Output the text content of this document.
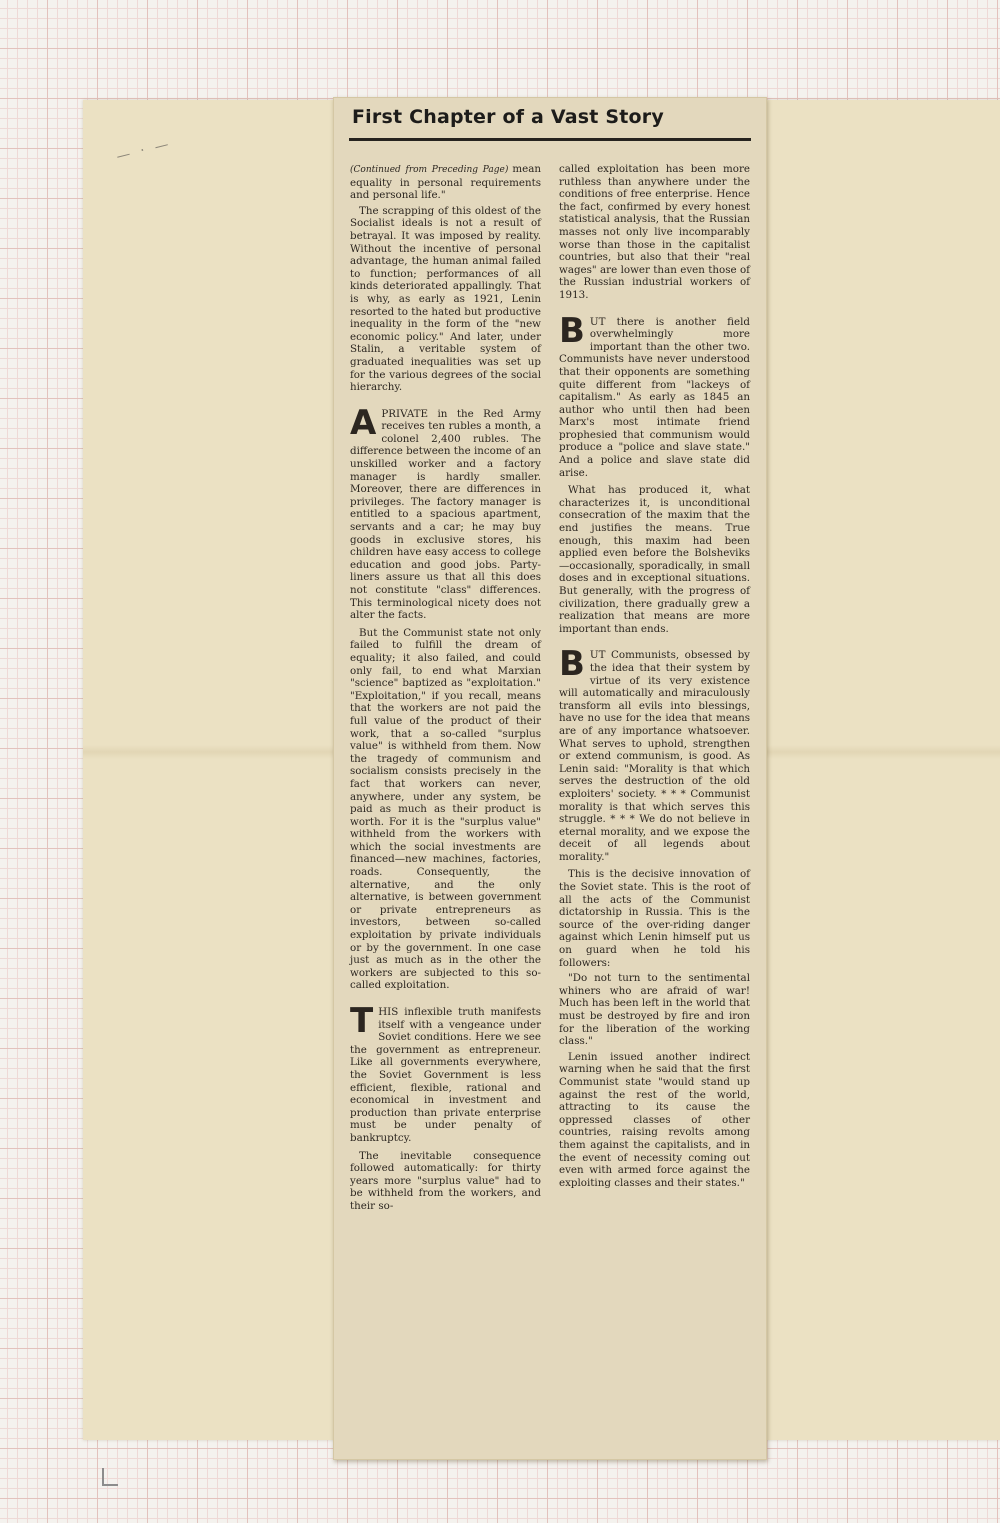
— · —
First Chapter of a Vast Story

(Continued from Preceding Page) mean equality in personal requirements and personal life."

The scrapping of this oldest of the Socialist ideals is not a result of betrayal. It was imposed by reality. Without the incentive of personal advantage, the human animal failed to function; performances of all kinds deteriorated appallingly. That is why, as early as 1921, Lenin resorted to the hated but productive inequality in the form of the "new economic policy." And later, under Stalin, a veritable system of graduated inequalities was set up for the various degrees of the social hierarchy.

APRIVATE in the Red Army receives ten rubles a month, a colonel 2,400 rubles. The difference between the income of an unskilled worker and a factory manager is hardly smaller. Moreover, there are differences in privileges. The factory manager is entitled to a spacious apartment, servants and a car; he may buy goods in exclusive stores, his children have easy access to college education and good jobs. Party-liners assure us that all this does not constitute "class" differences. This terminological nicety does not alter the facts.

But the Communist state not only failed to fulfill the dream of equality; it also failed, and could only fail, to end what Marxian "science" baptized as "exploitation." "Exploitation," if you recall, means that the workers are not paid the full value of the product of their work, that a so-called "surplus value" is withheld from them. Now the tragedy of communism and socialism consists precisely in the fact that workers can never, anywhere, under any system, be paid as much as their product is worth. For it is the "surplus value" withheld from the workers with which the social investments are financed—new machines, factories, roads. Consequently, the alternative, and the only alternative, is between government or private entrepreneurs as investors, between so-called exploitation by private individuals or by the government. In one case just as much as in the other the workers are subjected to this so-called exploitation.

THIS inflexible truth manifests itself with a vengeance under Soviet conditions. Here we see the government as entrepreneur. Like all governments everywhere, the Soviet Government is less efficient, flexible, rational and economical in investment and production than private enterprise must be under penalty of bankruptcy.

The inevitable consequence followed automatically: for thirty years more "surplus value" had to be withheld from the workers, and their so-

called exploitation has been more ruthless than anywhere under the conditions of free enterprise. Hence the fact, confirmed by every honest statistical analysis, that the Russian masses not only live incomparably worse than those in the capitalist countries, but also that their "real wages" are lower than even those of the Russian industrial workers of 1913.

BUT there is another field overwhelmingly more important than the other two. Communists have never understood that their opponents are something quite different from "lackeys of capitalism." As early as 1845 an author who until then had been Marx's most intimate friend prophesied that communism would produce a "police and slave state." And a police and slave state did arise.

What has produced it, what characterizes it, is unconditional consecration of the maxim that the end justifies the means. True enough, this maxim had been applied even before the Bolsheviks—occasionally, sporadically, in small doses and in exceptional situations. But generally, with the progress of civilization, there gradually grew a realization that means are more important than ends.

BUT Communists, obsessed by the idea that their system by virtue of its very existence will automatically and miraculously transform all evils into blessings, have no use for the idea that means are of any importance whatsoever. What serves to uphold, strengthen or extend communism, is good. As Lenin said: "Morality is that which serves the destruction of the old exploiters' society. * * * Communist morality is that which serves this struggle. * * * We do not believe in eternal morality, and we expose the deceit of all legends about morality."

This is the decisive innovation of the Soviet state. This is the root of all the acts of the Communist dictatorship in Russia. This is the source of the over-riding danger against which Lenin himself put us on guard when he told his followers:

"Do not turn to the sentimental whiners who are afraid of war! Much has been left in the world that must be destroyed by fire and iron for the liberation of the working class."

Lenin issued another indirect warning when he said that the first Communist state "would stand up against the rest of the world, attracting to its cause the oppressed classes of other countries, raising revolts among them against the capitalists, and in the event of necessity coming out even with armed force against the exploiting classes and their states."
